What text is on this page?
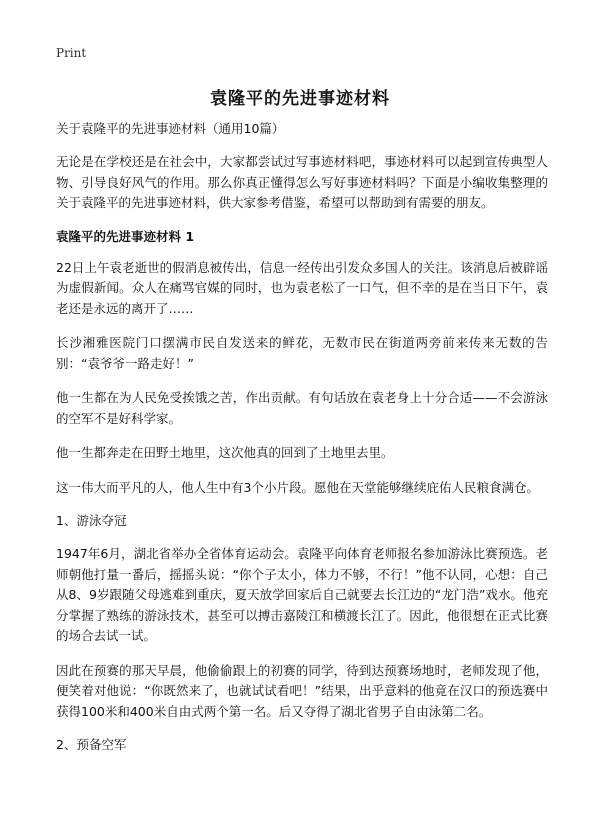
Print
袁隆平的先进事迹材料
关于袁隆平的先进事迹材料（通用10篇）

无论是在学校还是在社会中，大家都尝试过写事迹材料吧，事迹材料可以起到宣传典型人物、引导良好风气的作用。那么你真正懂得怎么写好事迹材料吗？下面是小编收集整理的关于袁隆平的先进事迹材料，供大家参考借鉴，希望可以帮助到有需要的朋友。

袁隆平的先进事迹材料 1

22日上午袁老逝世的假消息被传出，信息一经传出引发众多国人的关注。该消息后被辟谣为虚假新闻。众人在痛骂官媒的同时，也为袁老松了一口气，但不幸的是在当日下午，袁老还是永远的离开了……

长沙湘雅医院门口摆满市民自发送来的鲜花，无数市民在街道两旁前来传来无数的告别：“袁爷爷一路走好！”

他一生都在为人民免受挨饿之苦，作出贡献。有句话放在袁老身上十分合适——不会游泳的空军不是好科学家。

他一生都奔走在田野土地里，这次他真的回到了土地里去里。

这一伟大而平凡的人，他人生中有3个小片段。愿他在天堂能够继续庇佑人民粮食满仓。

1、游泳夺冠

1947年6月，湖北省举办全省体育运动会。袁隆平向体育老师报名参加游泳比赛预选。老师朝他打量一番后，摇摇头说：“你个子太小，体力不够，不行！”他不认同，心想：自己从8、9岁跟随父母逃难到重庆，夏天放学回家后自己就要去长江边的“龙门浩”戏水。他充分掌握了熟练的游泳技术，甚至可以搏击嘉陵江和横渡长江了。因此，他很想在正式比赛的场合去试一试。

因此在预赛的那天早晨，他偷偷跟上的初赛的同学，待到达预赛场地时，老师发现了他，便笑着对他说：“你既然来了，也就试试看吧！”结果，出乎意料的他竟在汉口的预选赛中获得100米和400米自由式两个第一名。后又夺得了湖北省男子自由泳第二名。

2、预备空军
